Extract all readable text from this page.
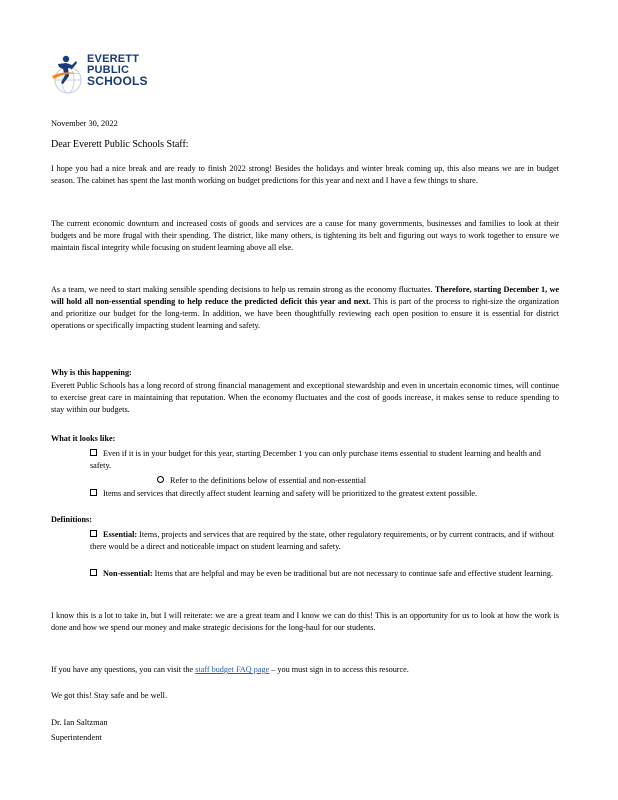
EVERETT
PUBLIC
SCHOOLS
November 30, 2022
Dear Everett Public Schools Staff:
I hope you had a nice break and are ready to finish 2022 strong! Besides the holidays and winter break coming up, this also means we are in budget season. The cabinet has spent the last month working on budget predictions for this year and next and I have a few things to share.
The current economic downturn and increased costs of goods and services are a cause for many governments, businesses and families to look at their budgets and be more frugal with their spending. The district, like many others, is tightening its belt and figuring out ways to work together to ensure we maintain fiscal integrity while focusing on student learning above all else.
As a team, we need to start making sensible spending decisions to help us remain strong as the economy fluctuates. Therefore, starting December 1, we will hold all non-essential spending to help reduce the predicted deficit this year and next. This is part of the process to right-size the organization and prioritize our budget for the long-term. In addition, we have been thoughtfully reviewing each open position to ensure it is essential for district operations or specifically impacting student learning and safety.
Why is this happening:
Everett Public Schools has a long record of strong financial management and exceptional stewardship and even in uncertain economic times, will continue to exercise great care in maintaining that reputation. When the economy fluctuates and the cost of goods increase, it makes sense to reduce spending to stay within our budgets.
What it looks like:
Even if it is in your budget for this year, starting December 1 you can only purchase items essential to student learning and health and safety.
Refer to the definitions below of essential and non-essential
Items and services that directly affect student learning and safety will be prioritized to the greatest extent possible.
Definitions:
Essential: Items, projects and services that are required by the state, other regulatory requirements, or by current contracts, and if without there would be a direct and noticeable impact on student learning and safety.
Non-essential: Items that are helpful and may be even be traditional but are not necessary to continue safe and effective student learning.
I know this is a lot to take in, but I will reiterate: we are a great team and I know we can do this! This is an opportunity for us to look at how the work is done and how we spend our money and make strategic decisions for the long-haul for our students.
If you have any questions, you can visit the staff budget FAQ page – you must sign in to access this resource.
We got this! Stay safe and be well.
Dr. Ian Saltzman
Superintendent
